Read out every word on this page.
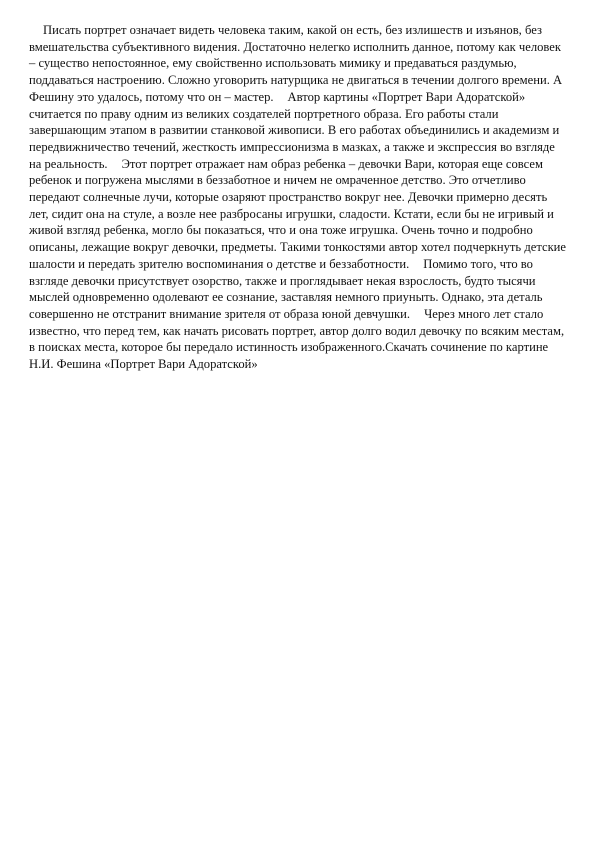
Писать портрет означает видеть человека таким, какой он есть, без излишеств и изъянов, без вмешательства субъективного видения. Достаточно нелегко исполнить данное, потому как человек – существо непостоянное, ему свойственно использовать мимику и предаваться раздумью, поддаваться настроению. Сложно уговорить натурщика не двигаться в течении долгого времени. А Фешину это удалось, потому что он – мастер. Автор картины «Портрет Вари Адоратской» считается по праву одним из великих создателей портретного образа. Его работы стали завершающим этапом в развитии станковой живописи. В его работах объединились и академизм и передвижничество течений, жесткость импрессионизма в мазках, а также и экспрессия во взгляде на реальность. Этот портрет отражает нам образ ребенка – девочки Вари, которая еще совсем ребенок и погружена мыслями в беззаботное и ничем не омраченное детство. Это отчетливо передают солнечные лучи, которые озаряют пространство вокруг нее. Девочки примерно десять лет, сидит она на стуле, а возле нее разбросаны игрушки, сладости. Кстати, если бы не игривый и живой взгляд ребенка, могло бы показаться, что и она тоже игрушка. Очень точно и подробно описаны, лежащие вокруг девочки, предметы. Такими тонкостями автор хотел подчеркнуть детские шалости и передать зрителю воспоминания о детстве и беззаботности. Помимо того, что во взгляде девочки присутствует озорство, также и проглядывает некая взрослость, будто тысячи мыслей одновременно одолевают ее сознание, заставляя немного приуныть. Однако, эта деталь совершенно не отстранит внимание зрителя от образа юной девчушки. Через много лет стало известно, что перед тем, как начать рисовать портрет, автор долго водил девочку по всяким местам, в поисках места, которое бы передало истинность изображенного.Скачать сочинение по картине Н.И. Фешина «Портрет Вари Адоратской»
